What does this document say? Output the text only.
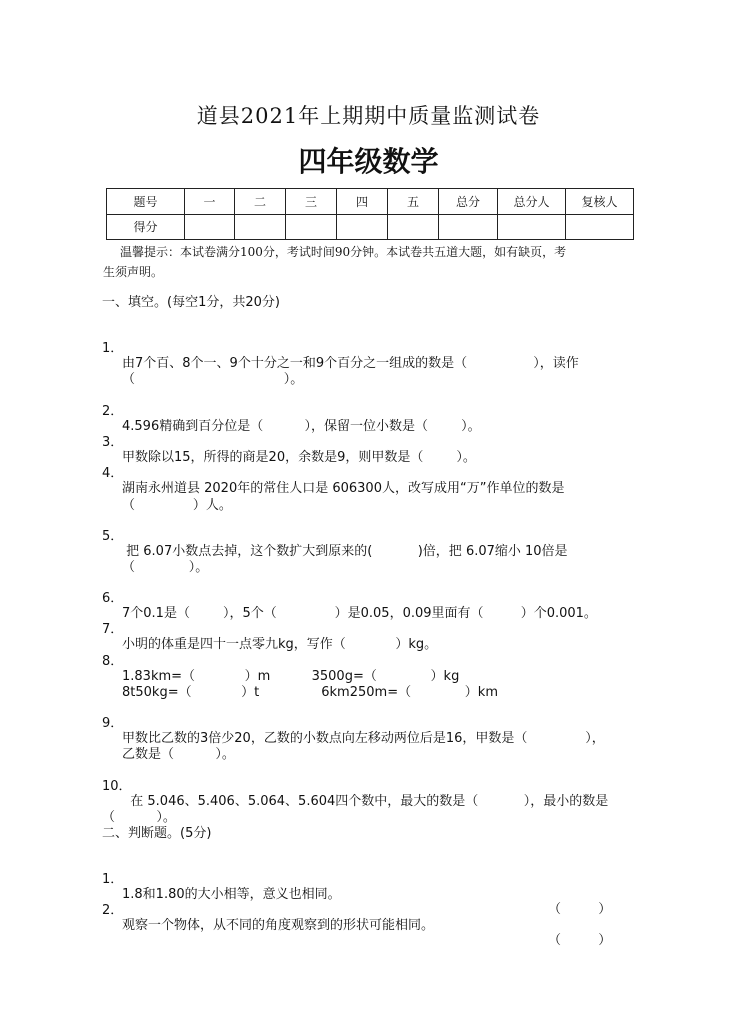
道县2021年上期期中质量监测试卷
四年级数学
题号	一	二	三	四	五	总分	总分人	复核人
得分								
温馨提示：本试卷满分100分，考试时间90分钟。本试卷共五道大题，如有缺页，考
生须声明。
一、填空。(每空1分，共20分)

1．

由7个百、8个一、9个十分之一和9个百分之一组成的数是（                ），读作

（                                    ）。

2．

4.596精确到百分位是（          ），保留一位小数是（        ）。

3．

甲数除以15，所得的商是20，余数是9，则甲数是（        ）。

4．

湖南永州道县 2020年的常住人口是 606300人，改写成用“万”作单位的数是

（              ）人。

5．

把 6.07小数点去掉，这个数扩大到原来的(           )倍，把 6.07缩小 10倍是

（             ）。

6．

7个0.1是（        ），5个（              ）是0.05，0.09里面有（         ）个0.001。

7．

小明的体重是四十一点零九kg，写作（            ）kg。

8．

1.83km=（            ）m          3500g=（             ）kg

8t50kg=（            ）t               6km250m=（             ）km

9．

甲数比乙数的3倍少20，乙数的小数点向左移动两位后是16，甲数是（              ），

乙数是（          ）。

10．

在 5.046、5.406、5.064、5.604四个数中，最大的数是（           ），最小的数是

（          ）。

二、判断题。(5分)

1．

1.8和1.80的大小相等，意义也相同。

（         ）

2．

观察一个物体，从不同的角度观察到的形状可能相同。

（         ）
